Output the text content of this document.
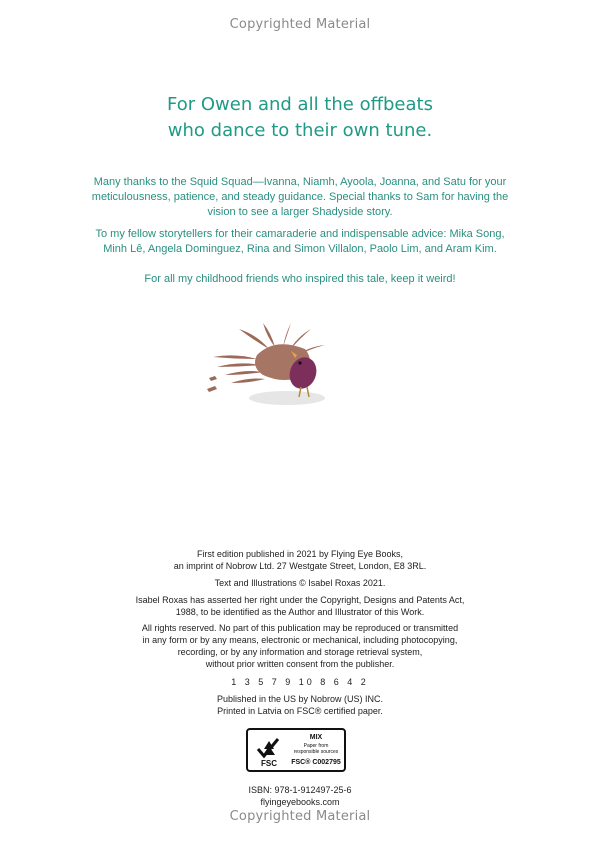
Copyrighted Material
For Owen and all the offbeats
who dance to their own tune.
Many thanks to the Squid Squad—Ivanna, Niamh, Ayoola, Joanna, and Satu for your meticulousness, patience, and steady guidance. Special thanks to Sam for having the vision to see a larger Shadyside story.
To my fellow storytellers for their camaraderie and indispensable advice: Mika Song, Minh Lê, Angela Dominguez, Rina and Simon Villalon, Paolo Lim, and Aram Kim.
For all my childhood friends who inspired this tale, keep it weird!
First edition published in 2021 by Flying Eye Books,
an imprint of Nobrow Ltd. 27 Westgate Street, London, E8 3RL.
Text and Illustrations © Isabel Roxas 2021.
Isabel Roxas has asserted her right under the Copyright, Designs and Patents Act,
1988, to be identified as the Author and Illustrator of this Work.
All rights reserved. No part of this publication may be reproduced or transmitted
in any form or by any means, electronic or mechanical, including photocopying,
recording, or by any information and storage retrieval system,
without prior written consent from the publisher.
1 3 5 7 9 10 8 6 4 2
Published in the US by Nobrow (US) INC.
Printed in Latvia on FSC® certified paper.
FSC
MIX
Paper from
responsible sources
FSC® C002795
ISBN: 978-1-912497-25-6
flyingeyebooks.com
Copyrighted Material
